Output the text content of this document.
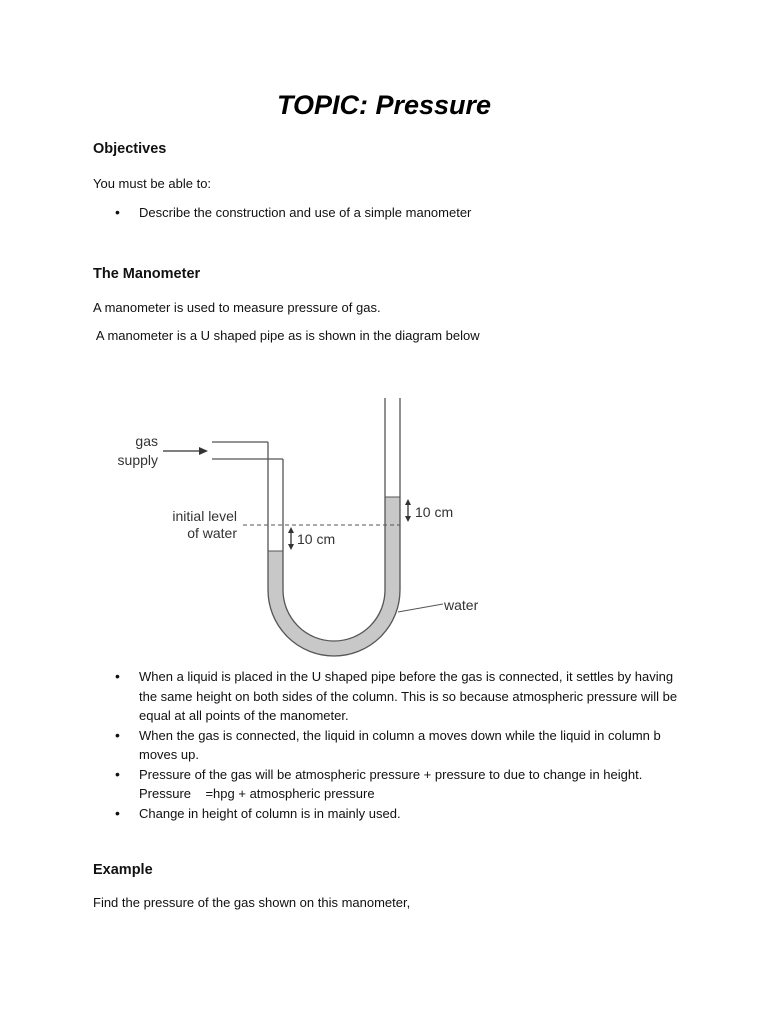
TOPIC: Pressure
Objectives
You must be able to:
• Describe the construction and use of a simple manometer
The Manometer
A manometer is used to measure pressure of gas.
A manometer is a U shaped pipe as is shown in the diagram below
gas
supply
initial level
of water	10 cm
10 cm
water
• When a liquid is placed in the U shaped pipe before the gas is connected, it settles by having the same height on both sides of the column. This is so because atmospheric pressure will be equal at all points of the manometer.
• When the gas is connected, the liquid in column a moves down while the liquid in column b moves up.
• Pressure of the gas will be atmospheric pressure + pressure to due to change in height.    Pressure    =hpg + atmospheric pressure
• Change in height of column is in mainly used.
Example
Find the pressure of the gas shown on this manometer,
